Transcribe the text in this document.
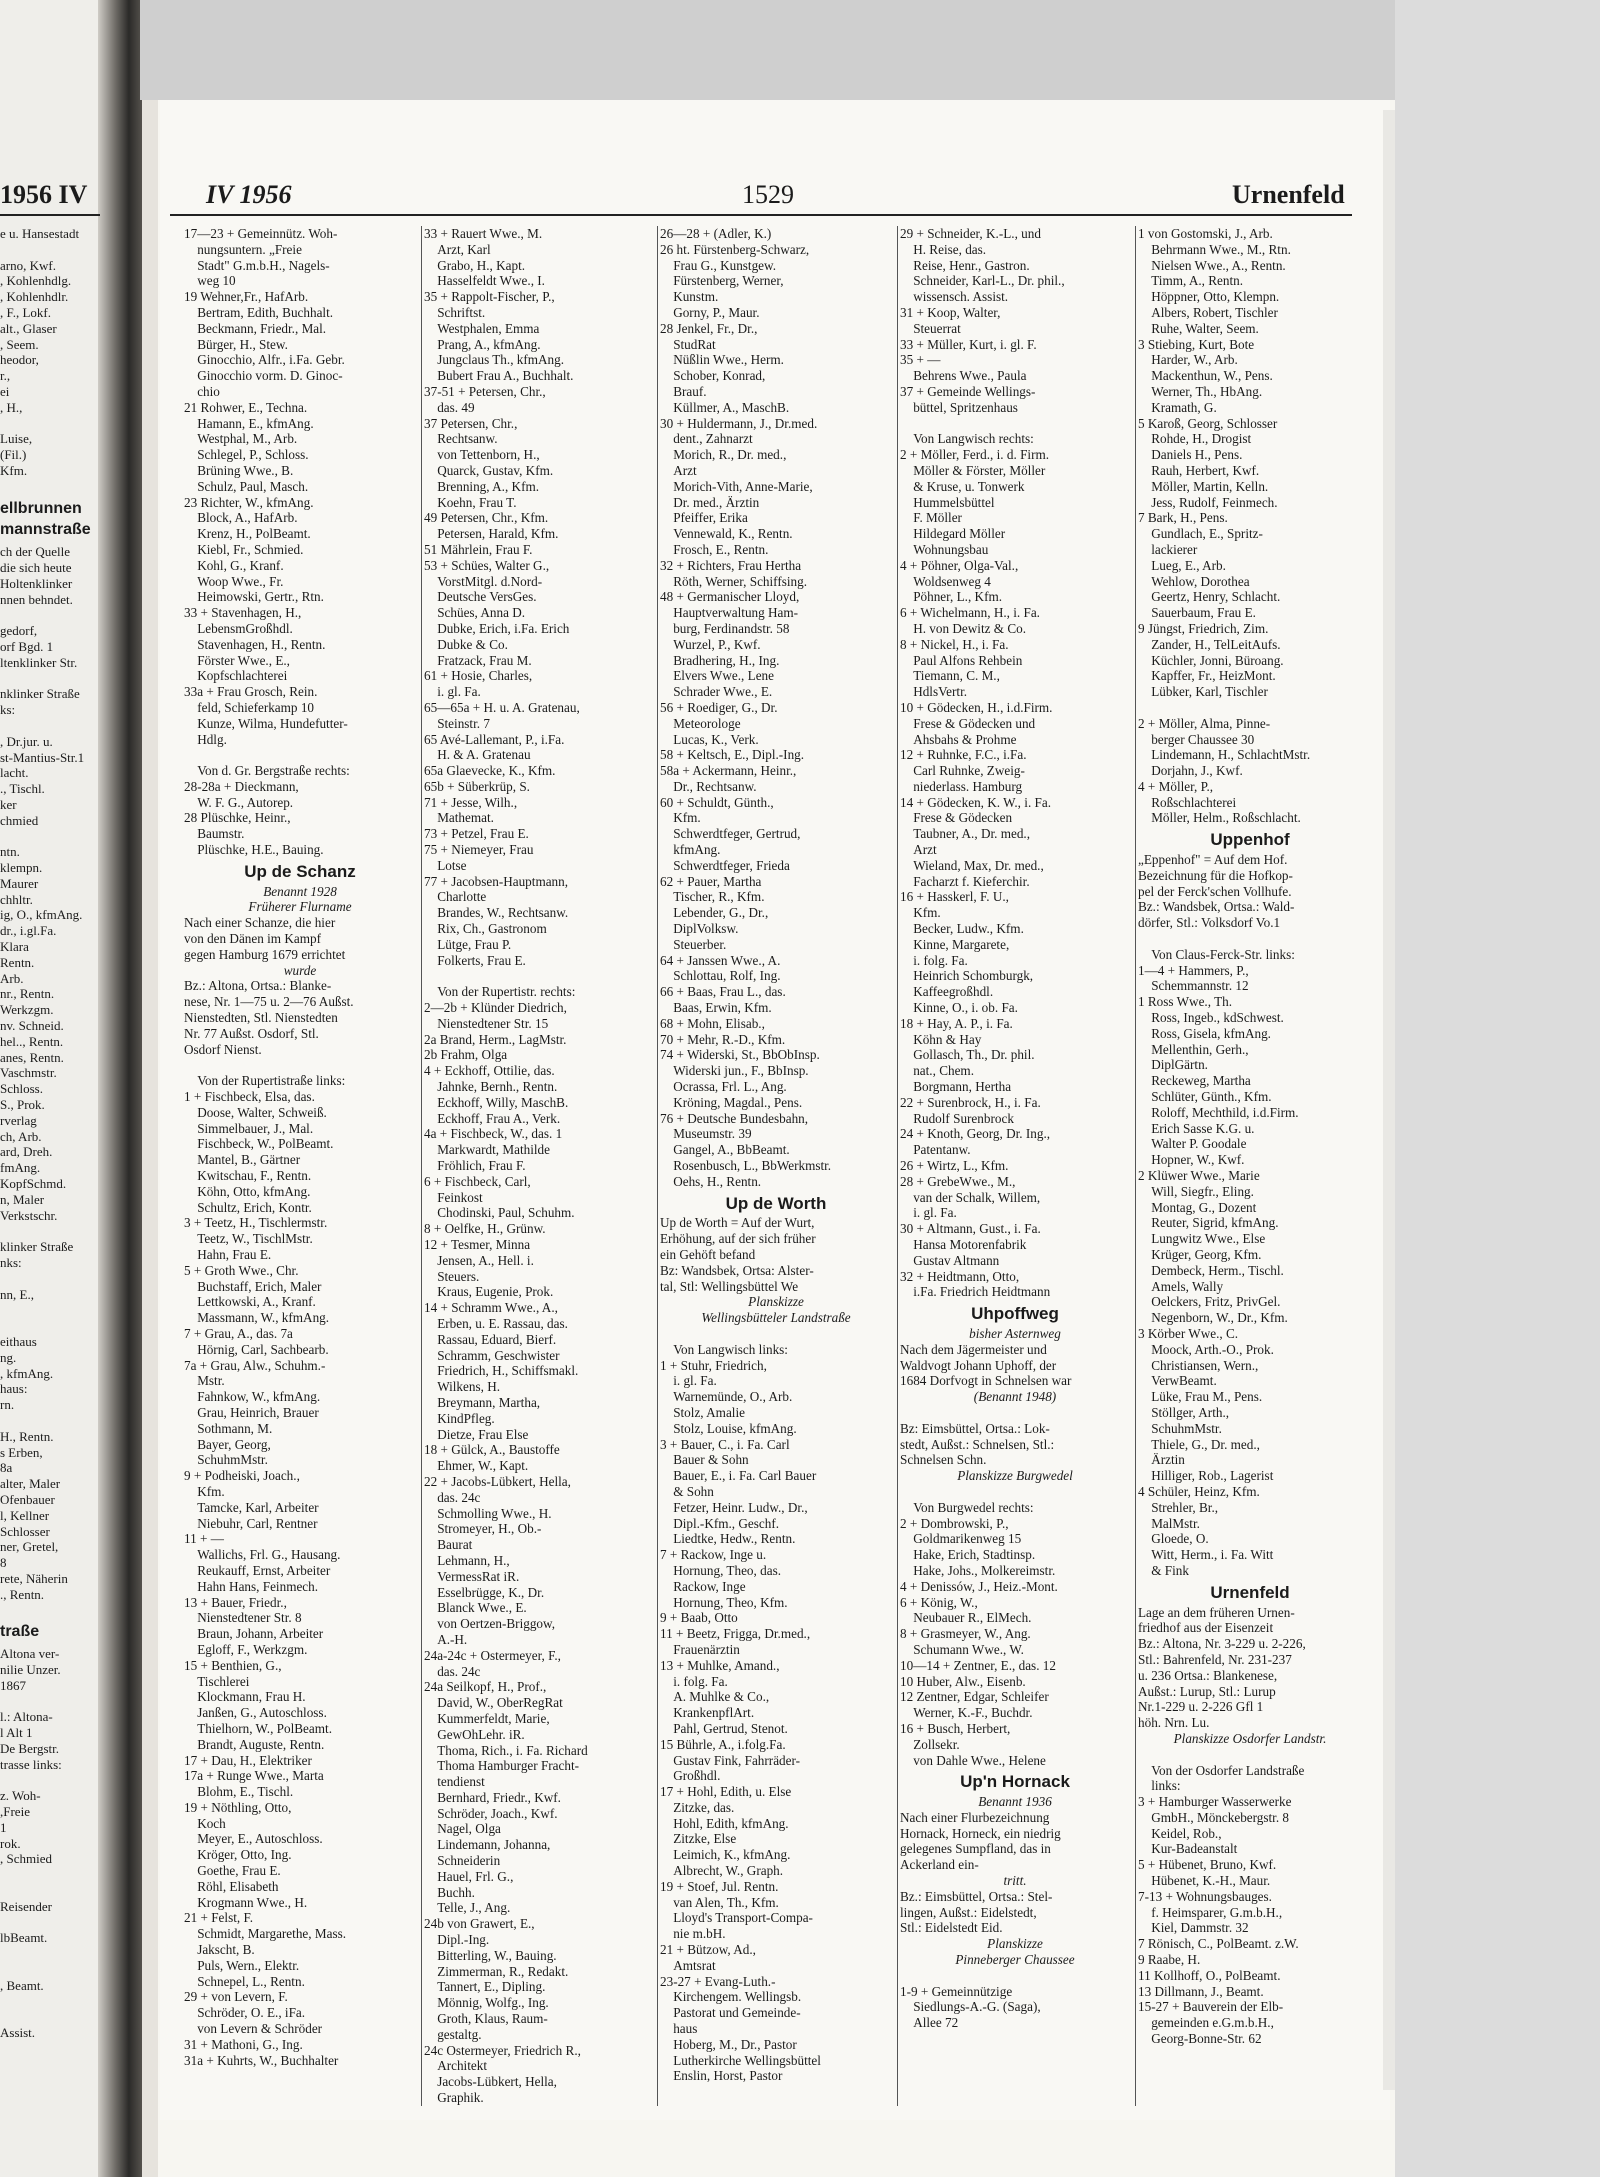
1956 IV	IV 1956	1529	Urnenfeld

e u. Hansestadt

arno, Kwf.

, Kohlenhdlg.

, Kohlenhdlr.

, F., Lokf.

alt., Glaser

, Seem.

heodor,

r.,

ei

, H.,

Luise,

(Fil.)

Kfm.

ellbrunnen

mannstraße

ch der Quelle

die sich heute

Holtenklinker

nnen behndet.

gedorf,

orf Bgd. 1

ltenklinker Str.

nklinker Straße

ks:

, Dr.jur. u.

st-Mantius-Str.1

lacht.

., Tischl.

ker

chmied

ntn.

klempn.

Maurer

chhltr.

ig, O., kfmAng.

dr., i.gl.Fa.

Klara

Rentn.

Arb.

nr., Rentn.

Werkzgm.

nv. Schneid.

hel.., Rentn.

anes, Rentn.

Vaschmstr.

Schloss.

S., Prok.

rverlag

ch, Arb.

ard, Dreh.

fmAng.

KopfSchmd.

n, Maler

Verkstschr.

klinker Straße

nks:

nn, E.,

eithaus

ng.

, kfmAng.

haus:

rn.

H., Rentn.

s Erben,

8a

alter, Maler

Ofenbauer

l, Kellner

Schlosser

ner, Gretel,

8

rete, Näherin

., Rentn.

traße

Altona ver-

nilie Unzer.

1867

l.: Altona-

l Alt 1

De Bergstr.

trasse links:

z. Woh-

,Freie

1

rok.

, Schmied

Reisender

lbBeamt.

, Beamt.

Assist.

17—23 + Gemeinnütz. Woh-

 nungsuntern. „Freie

 Stadt" G.m.b.H., Nagels-

 weg 10

19 Wehner,Fr., HafArb.

 Bertram, Edith, Buchhalt.

 Beckmann, Friedr., Mal.

 Bürger, H., Stew.

 Ginocchio, Alfr., i.Fa. Gebr.

 Ginocchio vorm. D. Ginoc-

 chio

21 Rohwer, E., Techna.

 Hamann, E., kfmAng.

 Westphal, M., Arb.

 Schlegel, P., Schloss.

 Brüning Wwe., B.

 Schulz, Paul, Masch.

23 Richter, W., kfmAng.

 Block, A., HafArb.

 Krenz, H., PolBeamt.

 Kiebl, Fr., Schmied.

 Kohl, G., Kranf.

 Woop Wwe., Fr.

 Heimowski, Gertr., Rtn.

33 + Stavenhagen, H.,

 LebensmGroßhdl.

 Stavenhagen, H., Rentn.

 Förster Wwe., E.,

 Kopfschlachterei

33a + Frau Grosch, Rein.

 feld, Schieferkamp 10

 Kunze, Wilma, Hundefutter-

 Hdlg.

 Von d. Gr. Bergstraße rechts:

28-28a + Dieckmann,

 W. F. G., Autorep.

28 Plüschke, Heinr.,

 Baumstr.

 Plüschke, H.E., Bauing.

Up de Schanz

Benannt 1928

Früherer Flurname

Nach einer Schanze, die hier

von den Dänen im Kampf

gegen Hamburg 1679 errichtet

wurde

Bz.: Altona, Ortsa.: Blanke-

nese, Nr. 1—75 u. 2—76 Außst.

Nienstedten, Stl. Nienstedten

Nr. 77 Außst. Osdorf, Stl.

Osdorf Nienst.

 Von der Rupertistraße links:

1 + Fischbeck, Elsa, das.

 Doose, Walter, Schweiß.

 Simmelbauer, J., Mal.

 Fischbeck, W., PolBeamt.

 Mantel, B., Gärtner

 Kwitschau, F., Rentn.

 Köhn, Otto, kfmAng.

 Schultz, Erich, Kontr.

3 + Teetz, H., Tischlermstr.

 Teetz, W., TischlMstr.

 Hahn, Frau E.

5 + Groth Wwe., Chr.

 Buchstaff, Erich, Maler

 Lettkowski, A., Kranf.

 Massmann, W., kfmAng.

7 + Grau, A., das. 7a

 Hörnig, Carl, Sachbearb.

7a + Grau, Alw., Schuhm.-

 Mstr.

 Fahnkow, W., kfmAng.

 Grau, Heinrich, Brauer

 Sothmann, M.

 Bayer, Georg,

 SchuhmMstr.

9 + Podheiski, Joach.,

 Kfm.

 Tamcke, Karl, Arbeiter

 Niebuhr, Carl, Rentner

11 + —

 Wallichs, Frl. G., Hausang.

 Reukauff, Ernst, Arbeiter

 Hahn Hans, Feinmech.

13 + Bauer, Friedr.,

 Nienstedtener Str. 8

 Braun, Johann, Arbeiter

 Egloff, F., Werkzgm.

15 + Benthien, G.,

 Tischlerei

 Klockmann, Frau H.

 Janßen, G., Autoschloss.

 Thielhorn, W., PolBeamt.

 Brandt, Auguste, Rentn.

17 + Dau, H., Elektriker

17a + Runge Wwe., Marta

 Blohm, E., Tischl.

19 + Nöthling, Otto,

 Koch

 Meyer, E., Autoschloss.

 Kröger, Otto, Ing.

 Goethe, Frau E.

 Röhl, Elisabeth

 Krogmann Wwe., H.

21 + Felst, F.

 Schmidt, Margarethe, Mass.

 Jakscht, B.

 Puls, Wern., Elektr.

 Schnepel, L., Rentn.

29 + von Levern, F.

 Schröder, O. E., iFa.

 von Levern & Schröder

31 + Mathoni, G., Ing.

31a + Kuhrts, W., Buchhalter

33 + Rauert Wwe., M.

 Arzt, Karl

 Grabo, H., Kapt.

 Hasselfeldt Wwe., I.

35 + Rappolt-Fischer, P.,

 Schriftst.

 Westphalen, Emma

 Prang, A., kfmAng.

 Jungclaus Th., kfmAng.

 Bubert Frau A., Buchhalt.

37-51 + Petersen, Chr.,

 das. 49

37 Petersen, Chr.,

 Rechtsanw.

 von Tettenborn, H.,

 Quarck, Gustav, Kfm.

 Brenning, A., Kfm.

 Koehn, Frau T.

49 Petersen, Chr., Kfm.

 Petersen, Harald, Kfm.

51 Mährlein, Frau F.

53 + Schües, Walter G.,

 VorstMitgl. d.Nord-

 Deutsche VersGes.

 Schües, Anna D.

 Dubke, Erich, i.Fa. Erich

 Dubke & Co.

 Fratzack, Frau M.

61 + Hosie, Charles,

 i. gl. Fa.

65—65a + H. u. A. Gratenau,

 Steinstr. 7

65 Avé-Lallemant, P., i.Fa.

 H. & A. Gratenau

65a Glaevecke, K., Kfm.

65b + Süberkrüp, S.

71 + Jesse, Wilh.,

 Mathemat.

73 + Petzel, Frau E.

75 + Niemeyer, Frau

 Lotse

77 + Jacobsen-Hauptmann,

 Charlotte

 Brandes, W., Rechtsanw.

 Rix, Ch., Gastronom

 Lütge, Frau P.

 Folkerts, Frau E.

 Von der Rupertistr. rechts:

2—2b + Klünder Diedrich,

 Nienstedtener Str. 15

2a Brand, Herm., LagMstr.

2b Frahm, Olga

4 + Eckhoff, Ottilie, das.

 Jahnke, Bernh., Rentn.

 Eckhoff, Willy, MaschB.

 Eckhoff, Frau A., Verk.

4a + Fischbeck, W., das. 1

 Markwardt, Mathilde

 Fröhlich, Frau F.

6 + Fischbeck, Carl,

 Feinkost

 Chodinski, Paul, Schuhm.

8 + Oelfke, H., Grünw.

12 + Tesmer, Minna

 Jensen, A., Hell. i.

 Steuers.

 Kraus, Eugenie, Prok.

14 + Schramm Wwe., A.,

 Erben, u. E. Rassau, das.

 Rassau, Eduard, Bierf.

 Schramm, Geschwister

 Friedrich, H., Schiffsmakl.

 Wilkens, H.

 Breymann, Martha,

 KindPfleg.

 Dietze, Frau Else

18 + Gülck, A., Baustoffe

 Ehmer, W., Kapt.

22 + Jacobs-Lübkert, Hella,

 das. 24c

 Schmolling Wwe., H.

 Stromeyer, H., Ob.-

 Baurat

 Lehmann, H.,

 VermessRat iR.

 Esselbrügge, K., Dr.

 Blanck Wwe., E.

 von Oertzen-Briggow,

 A.-H.

24a-24c + Ostermeyer, F.,

 das. 24c

24a Seilkopf, H., Prof.,

 David, W., OberRegRat

 Kummerfeldt, Marie,

 GewOhLehr. iR.

 Thoma, Rich., i. Fa. Richard

 Thoma Hamburger Fracht-

 tendienst

 Bernhard, Friedr., Kwf.

 Schröder, Joach., Kwf.

 Nagel, Olga

 Lindemann, Johanna,

 Schneiderin

 Hauel, Frl. G.,

 Buchh.

 Telle, J., Ang.

24b von Grawert, E.,

 Dipl.-Ing.

 Bitterling, W., Bauing.

 Zimmerman, R., Redakt.

 Tannert, E., Dipling.

 Mönnig, Wolfg., Ing.

 Groth, Klaus, Raum-

 gestaltg.

24c Ostermeyer, Friedrich R.,

 Architekt

 Jacobs-Lübkert, Hella,

 Graphik.

26—28 + (Adler, K.)

26 ht. Fürstenberg-Schwarz,

 Frau G., Kunstgew.

 Fürstenberg, Werner,

 Kunstm.

 Gorny, P., Maur.

28 Jenkel, Fr., Dr.,

 StudRat

 Nüßlin Wwe., Herm.

 Schober, Konrad,

 Brauf.

 Küllmer, A., MaschB.

30 + Huldermann, J., Dr.med.

 dent., Zahnarzt

 Morich, R., Dr. med.,

 Arzt

 Morich-Vith, Anne-Marie,

 Dr. med., Ärztin

 Pfeiffer, Erika

 Vennewald, K., Rentn.

 Frosch, E., Rentn.

32 + Richters, Frau Hertha

 Röth, Werner, Schiffsing.

48 + Germanischer Lloyd,

 Hauptverwaltung Ham-

 burg, Ferdinandstr. 58

 Wurzel, P., Kwf.

 Bradhering, H., Ing.

 Elvers Wwe., Lene

 Schrader Wwe., E.

56 + Roediger, G., Dr.

 Meteorologe

 Lucas, K., Verk.

58 + Keltsch, E., Dipl.-Ing.

58a + Ackermann, Heinr.,

 Dr., Rechtsanw.

60 + Schuldt, Günth.,

 Kfm.

 Schwerdtfeger, Gertrud,

 kfmAng.

 Schwerdtfeger, Frieda

62 + Pauer, Martha

 Tischer, R., Kfm.

 Lebender, G., Dr.,

 DiplVolksw.

 Steuerber.

64 + Janssen Wwe., A.

 Schlottau, Rolf, Ing.

66 + Baas, Frau L., das.

 Baas, Erwin, Kfm.

68 + Mohn, Elisab.,

70 + Mehr, R.-D., Kfm.

74 + Widerski, St., BbObInsp.

 Widerski jun., F., BbInsp.

 Ocrassa, Frl. L., Ang.

 Kröning, Magdal., Pens.

76 + Deutsche Bundesbahn,

 Museumstr. 39

 Gangel, A., BbBeamt.

 Rosenbusch, L., BbWerkmstr.

 Oehs, H., Rentn.

Up de Worth

Up de Worth = Auf der Wurt,

Erhöhung, auf der sich früher

ein Gehöft befand

Bz: Wandsbek, Ortsa: Alster-

tal, Stl: Wellingsbüttel We

Planskizze

Wellingsbütteler Landstraße

 Von Langwisch links:

1 + Stuhr, Friedrich,

 i. gl. Fa.

 Warnemünde, O., Arb.

 Stolz, Amalie

 Stolz, Louise, kfmAng.

3 + Bauer, C., i. Fa. Carl

 Bauer & Sohn

 Bauer, E., i. Fa. Carl Bauer

 & Sohn

 Fetzer, Heinr. Ludw., Dr.,

 Dipl.-Kfm., Geschf.

 Liedtke, Hedw., Rentn.

7 + Rackow, Inge u.

 Hornung, Theo, das.

 Rackow, Inge

 Hornung, Theo, Kfm.

9 + Baab, Otto

11 + Beetz, Frigga, Dr.med.,

 Frauenärztin

13 + Muhlke, Amand.,

 i. folg. Fa.

 A. Muhlke & Co.,

 KrankenpflArt.

 Pahl, Gertrud, Stenot.

15 Bührle, A., i.folg.Fa.

 Gustav Fink, Fahrräder-

 Großhdl.

17 + Hohl, Edith, u. Else

 Zitzke, das.

 Hohl, Edith, kfmAng.

 Zitzke, Else

 Leimich, K., kfmAng.

 Albrecht, W., Graph.

19 + Stoef, Jul. Rentn.

 van Alen, Th., Kfm.

 Lloyd's Transport-Compa-

 nie m.bH.

21 + Bützow, Ad.,

 Amtsrat

23-27 + Evang-Luth.-

 Kirchengem. Wellingsb.

 Pastorat und Gemeinde-

 haus

 Hoberg, M., Dr., Pastor

 Lutherkirche Wellingsbüttel

 Enslin, Horst, Pastor

29 + Schneider, K.-L., und

 H. Reise, das.

 Reise, Henr., Gastron.

 Schneider, Karl-L., Dr. phil.,

 wissensch. Assist.

31 + Koop, Walter,

 Steuerrat

33 + Müller, Kurt, i. gl. F.

35 + —

 Behrens Wwe., Paula

37 + Gemeinde Wellings-

 büttel, Spritzenhaus

 Von Langwisch rechts:

2 + Möller, Ferd., i. d. Firm.

 Möller & Förster, Möller

 & Kruse, u. Tonwerk

 Hummelsbüttel

 F. Möller

 Hildegard Möller

 Wohnungsbau

4 + Pöhner, Olga-Val.,

 Woldsenweg 4

 Pöhner, L., Kfm.

6 + Wichelmann, H., i. Fa.

 H. von Dewitz & Co.

8 + Nickel, H., i. Fa.

 Paul Alfons Rehbein

 Tiemann, C. M.,

 HdlsVertr.

10 + Gödecken, H., i.d.Firm.

 Frese & Gödecken und

 Ahsbahs & Prohme

12 + Ruhnke, F.C., i.Fa.

 Carl Ruhnke, Zweig-

 niederlass. Hamburg

14 + Gödecken, K. W., i. Fa.

 Frese & Gödecken

 Taubner, A., Dr. med.,

 Arzt

 Wieland, Max, Dr. med.,

 Facharzt f. Kieferchir.

16 + Hasskerl, F. U.,

 Kfm.

 Becker, Ludw., Kfm.

 Kinne, Margarete,

 i. folg. Fa.

 Heinrich Schomburgk,

 Kaffeegroßhdl.

 Kinne, O., i. ob. Fa.

18 + Hay, A. P., i. Fa.

 Köhn & Hay

 Gollasch, Th., Dr. phil.

 nat., Chem.

 Borgmann, Hertha

22 + Surenbrock, H., i. Fa.

 Rudolf Surenbrock

24 + Knoth, Georg, Dr. Ing.,

 Patentanw.

26 + Wirtz, L., Kfm.

28 + GrebeWwe., M.,

 van der Schalk, Willem,

 i. gl. Fa.

30 + Altmann, Gust., i. Fa.

 Hansa Motorenfabrik

 Gustav Altmann

32 + Heidtmann, Otto,

 i.Fa. Friedrich Heidtmann

Uhpoffweg

bisher Asternweg

Nach dem Jägermeister und

Waldvogt Johann Uphoff, der

1684 Dorfvogt in Schnelsen war

(Benannt 1948)

Bz: Eimsbüttel, Ortsa.: Lok-

stedt, Außst.: Schnelsen, Stl.:

Schnelsen Schn.

Planskizze Burgwedel

 Von Burgwedel rechts:

2 + Dombrowski, P.,

 Goldmarikenweg 15

 Hake, Erich, Stadtinsp.

 Hake, Johs., Molkereimstr.

4 + Denissów, J., Heiz.-Mont.

6 + König, W.,

 Neubauer R., ElMech.

8 + Grasmeyer, W., Ang.

 Schumann Wwe., W.

10—14 + Zentner, E., das. 12

10 Huber, Alw., Eisenb.

12 Zentner, Edgar, Schleifer

 Werner, K.-F., Buchdr.

16 + Busch, Herbert,

 Zollsekr.

 von Dahle Wwe., Helene

Up'n Hornack

Benannt 1936

Nach einer Flurbezeichnung

Hornack, Horneck, ein niedrig

gelegenes Sumpfland, das in

Ackerland ein-

tritt.

Bz.: Eimsbüttel, Ortsa.: Stel-

lingen, Außst.: Eidelstedt,

Stl.: Eidelstedt Eid.

Planskizze

Pinneberger Chaussee

1-9 + Gemeinnützige

 Siedlungs-A.-G. (Saga),

 Allee 72

1 von Gostomski, J., Arb.

 Behrmann Wwe., M., Rtn.

 Nielsen Wwe., A., Rentn.

 Timm, A., Rentn.

 Höppner, Otto, Klempn.

 Albers, Robert, Tischler

 Ruhe, Walter, Seem.

3 Stiebing, Kurt, Bote

 Harder, W., Arb.

 Mackenthun, W., Pens.

 Werner, Th., HbAng.

 Kramath, G.

5 Karoß, Georg, Schlosser

 Rohde, H., Drogist

 Daniels H., Pens.

 Rauh, Herbert, Kwf.

 Möller, Martin, Kelln.

 Jess, Rudolf, Feinmech.

7 Bark, H., Pens.

 Gundlach, E., Spritz-

 lackierer

 Lueg, E., Arb.

 Wehlow, Dorothea

 Geertz, Henry, Schlacht.

 Sauerbaum, Frau E.

9 Jüngst, Friedrich, Zim.

 Zander, H., TelLeitAufs.

 Küchler, Jonni, Büroang.

 Kapffer, Fr., HeizMont.

 Lübker, Karl, Tischler

2 + Möller, Alma, Pinne-

 berger Chaussee 30

 Lindemann, H., SchlachtMstr.

 Dorjahn, J., Kwf.

4 + Möller, P.,

 Roßschlachterei

 Möller, Helm., Roßschlacht.

Uppenhof

„Eppenhof" = Auf dem Hof.

Bezeichnung für die Hofkop-

pel der Ferck'schen Vollhufe.

Bz.: Wandsbek, Ortsa.: Wald-

dörfer, Stl.: Volksdorf Vo.1

 Von Claus-Ferck-Str. links:

1—4 + Hammers, P.,

 Schemmannstr. 12

1 Ross Wwe., Th.

 Ross, Ingeb., kdSchwest.

 Ross, Gisela, kfmAng.

 Mellenthin, Gerh.,

 DiplGärtn.

 Reckeweg, Martha

 Schlüter, Günth., Kfm.

 Roloff, Mechthild, i.d.Firm.

 Erich Sasse K.G. u.

 Walter P. Goodale

 Hopner, W., Kwf.

2 Klüwer Wwe., Marie

 Will, Siegfr., Eling.

 Montag, G., Dozent

 Reuter, Sigrid, kfmAng.

 Lungwitz Wwe., Else

 Krüger, Georg, Kfm.

 Dembeck, Herm., Tischl.

 Amels, Wally

 Oelckers, Fritz, PrivGel.

 Negenborn, W., Dr., Kfm.

3 Körber Wwe., C.

 Moock, Arth.-O., Prok.

 Christiansen, Wern.,

 VerwBeamt.

 Lüke, Frau M., Pens.

 Stöllger, Arth.,

 SchuhmMstr.

 Thiele, G., Dr. med.,

 Ärztin

 Hilliger, Rob., Lagerist

4 Schüler, Heinz, Kfm.

 Strehler, Br.,

 MalMstr.

 Gloede, O.

 Witt, Herm., i. Fa. Witt

 & Fink

Urnenfeld

Lage an dem früheren Urnen-

friedhof aus der Eisenzeit

Bz.: Altona, Nr. 3-229 u. 2-226,

Stl.: Bahrenfeld, Nr. 231-237

u. 236 Ortsa.: Blankenese,

Außst.: Lurup, Stl.: Lurup

Nr.1-229 u. 2-226 Gfl 1

höh. Nrn. Lu.

Planskizze Osdorfer Landstr.

 Von der Osdorfer Landstraße

 links:

3 + Hamburger Wasserwerke

 GmbH., Mönckebergstr. 8

 Keidel, Rob.,

 Kur-Badeanstalt

5 + Hübenet, Bruno, Kwf.

 Hübenet, K.-H., Maur.

7-13 + Wohnungsbauges.

 f. Heimsparer, G.m.b.H.,

 Kiel, Dammstr. 32

7 Rönisch, C., PolBeamt. z.W.

9 Raabe, H.

11 Kollhoff, O., PolBeamt.

13 Dillmann, J., Beamt.

15-27 + Bauverein der Elb-

 gemeinden e.G.m.b.H.,

 Georg-Bonne-Str. 62
